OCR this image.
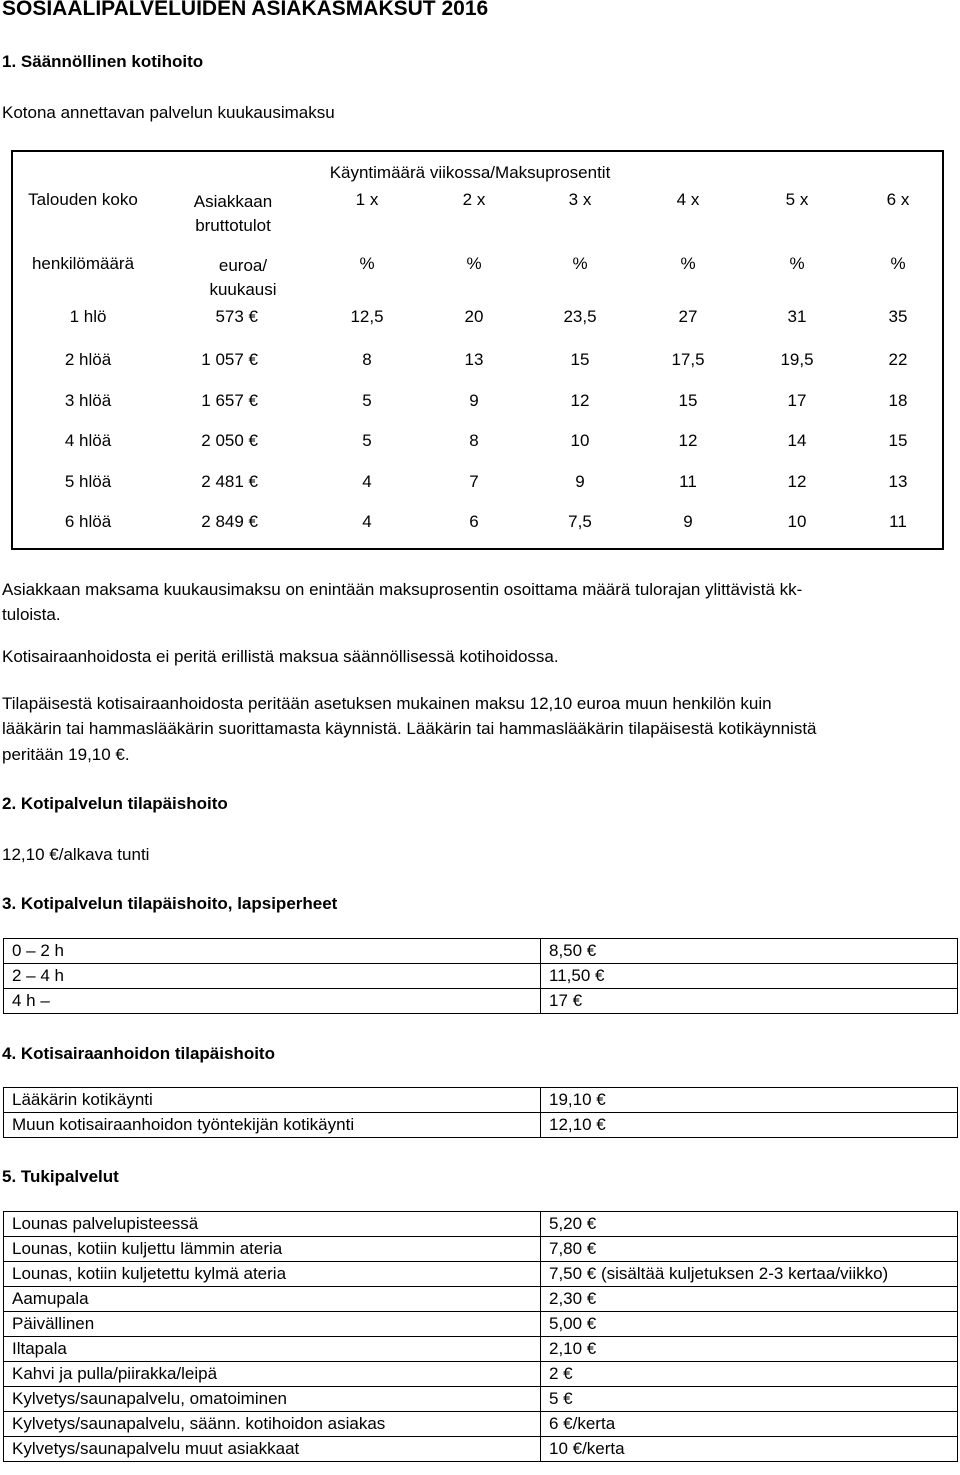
SOSIAALIPALVELUIDEN ASIAKASMAKSUT 2016
1. Säännöllinen kotihoito
Kotona annettavan palvelun kuukausimaksu
Talouden koko	Asiakkaan
bruttotulot
Käyntimäärä viikossa/Maksuprosentit
1 x	2 x	3 x	4 x	5 x	6 x
henkilömäärä	euroa/
kuukausi
%	%	%	%	%	%
1 hlö	573 €	12,5	20	23,5	27	31	35
2 hlöä	1 057 €	8	13	15	17,5	19,5	22
3 hlöä	1 657 €	5	9	12	15	17	18
4 hlöä	2 050 €	5	8	10	12	14	15
5 hlöä	2 481 €	4	7	9	11	12	13
6 hlöä	2 849 €	4	6	7,5	9	10	11
Asiakkaan maksama kuukausimaksu on enintään maksuprosentin osoittama määrä tulorajan ylittävistä kk-
tuloista.
Kotisairaanhoidosta ei peritä erillistä maksua säännöllisessä kotihoidossa.
Tilapäisestä kotisairaanhoidosta peritään asetuksen mukainen maksu 12,10 euroa muun henkilön kuin
lääkärin tai hammaslääkärin suorittamasta käynnistä. Lääkärin tai hammaslääkärin tilapäisestä kotikäynnistä
peritään 19,10 €.
2. Kotipalvelun tilapäishoito
12,10 €/alkava tunti
3. Kotipalvelun tilapäishoito, lapsiperheet
0 – 2 h	8,50 €
2 – 4 h	11,50 €
4 h –	17 €
4. Kotisairaanhoidon tilapäishoito
Lääkärin kotikäynti	19,10 €
Muun kotisairaanhoidon työntekijän kotikäynti	12,10 €
5. Tukipalvelut
Lounas palvelupisteessä	5,20 €
Lounas, kotiin kuljettu lämmin ateria	7,80 €
Lounas, kotiin kuljetettu kylmä ateria	7,50 € (sisältää kuljetuksen 2-3 kertaa/viikko)
Aamupala	2,30 €
Päivällinen	5,00 €
Iltapala	2,10 €
Kahvi ja pulla/piirakka/leipä	2 €
Kylvetys/saunapalvelu, omatoiminen	5 €
Kylvetys/saunapalvelu, säänn. kotihoidon asiakas	6 €/kerta
Kylvetys/saunapalvelu muut asiakkaat	10 €/kerta
